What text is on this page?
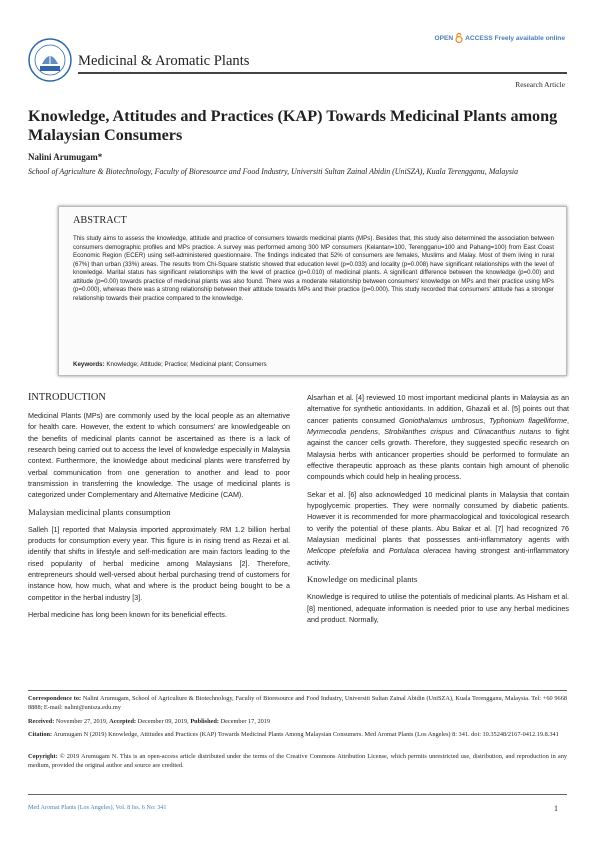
Medicinal & Aromatic Plants
OPEN ACCESS Freely available online
Research Article
Knowledge, Attitudes and Practices (KAP) Towards Medicinal Plants among Malaysian Consumers
Nalini Arumugam*
School of Agriculture & Biotechnology, Faculty of Bioresource and Food Industry, Universiti Sultan Zainal Abidin (UniSZA), Kuala Terengganu, Malaysia
ABSTRACT
This study aims to assess the knowledge, attitude and practice of consumers towards medicinal plants (MPs). Besides that, this study also determined the association between consumers demographic profiles and MPs practice. A survey was performed among 300 MP consumers (Kelantan=100, Terengganu=100 and Pahang=100) from East Coast Economic Region (ECER) using self-administered questionnaire. The findings indicated that 52% of consumers are females, Muslims and Malay. Most of them living in rural (67%) than urban (33%) areas. The results from Chi-Square statistic showed that education level (p=0.033) and locality (p=0.008) have significant relationships with the level of knowledge. Marital status has significant relationships with the level of practice (p=0.010) of medicinal plants. A significant difference between the knowledge (p=0.00) and attitude (p=0.00) towards practice of medicinal plants was also found. There was a moderate relationship between consumers' knowledge on MPs and their practice using MPs (p=0.000), whereas there was a strong relationship between their attitude towards MPs and their practice (p=0.000). This study recorded that consumers' attitude has a stronger relationship towards their practice compared to the knowledge.
Keywords: Knowledge; Attitude; Practice; Medicinal plant; Consumers
INTRODUCTION
Medicinal Plants (MPs) are commonly used by the local people as an alternative for health care. However, the extent to which consumers' are knowledgeable on the benefits of medicinal plants cannot be ascertained as there is a lack of research being carried out to access the level of knowledge especially in Malaysia context. Furthermore, the knowledge about medicinal plants were transferred by verbal communication from one generation to another and lead to poor transmission in transferring the knowledge. The usage of medicinal plants is categorized under Complementary and Alternative Medicine (CAM).
Malaysian medicinal plants consumption
Salleh [1] reported that Malaysia imported approximately RM 1.2 billion herbal products for consumption every year. This figure is in rising trend as Rezai et al. identify that shifts in lifestyle and self-medication are main factors leading to the rised popularity of herbal medicine among Malaysians [2]. Therefore, entrepreneurs should well-versed about herbal purchasing trend of customers for instance how, how much, what and where is the product being bought to be a competitor in the herbal industry [3].
Herbal medicine has long been known for its beneficial effects.
Alsarhan et al. [4] reviewed 10 most important medicinal plants in Malaysia as an alternative for synthetic antioxidants. In addition, Ghazali et al. [5] points out that cancer patients consumed Goniothalamus umbrosus, Typhonium flagelliforme, Myrmecodia pendens, Strobilanthes crispus and Clinacanthus nutans to fight against the cancer cells growth. Therefore, they suggested specific research on Malaysia herbs with anticancer properties should be performed to formulate an effective therapeutic approach as these plants contain high amount of phenolic compounds which could help in healing process.
Sekar et al. [6] also acknowledged 10 medicinal plants in Malaysia that contain hypoglycemic properties. They were normally consumed by diabetic patients. However it is recommended for more pharmacological and toxicological research to verify the potential of these plants. Abu Bakar et al. [7] had recognized 76 Malaysian medicinal plants that possesses anti-inflammatory agents with Melicope ptelefolia and Portulaca oleracea having strongest anti-inflammatory activity.
Knowledge on medicinal plants
Knowledge is required to utilise the potentials of medicinal plants. As Hisham et al. [8] mentioned, adequate information is needed prior to use any herbal medicines and product. Normally,
Correspondence to: Nalini Arumugam, School of Agriculture & Biotechnology, Faculty of Bioresource and Food Industry, Universiti Sultan Zainal Abidin (UniSZA), Kuala Terengganu, Malaysia. Tel: +60 9668 8888; E-mail: nalini@unisza.edu.my
Received: November 27, 2019, Accepted: December 09, 2019, Published: December 17, 2019
Citation: Arumugam N (2019) Knowledge, Attitudes and Practices (KAP) Towards Medicinal Plants Among Malaysian Consumers. Med Aromat Plants (Los Angeles) 8: 341. doi: 10.35248/2167-0412.19.8.341
Copyright: © 2019 Arumugam N. This is an open-access article distributed under the terms of the Creative Commons Attribution License, which permits unrestricted use, distribution, and reproduction in any medium, provided the original author and source are credited.
Med Aromat Plants (Los Angeles), Vol. 8 Iss. 6 No: 341	1
